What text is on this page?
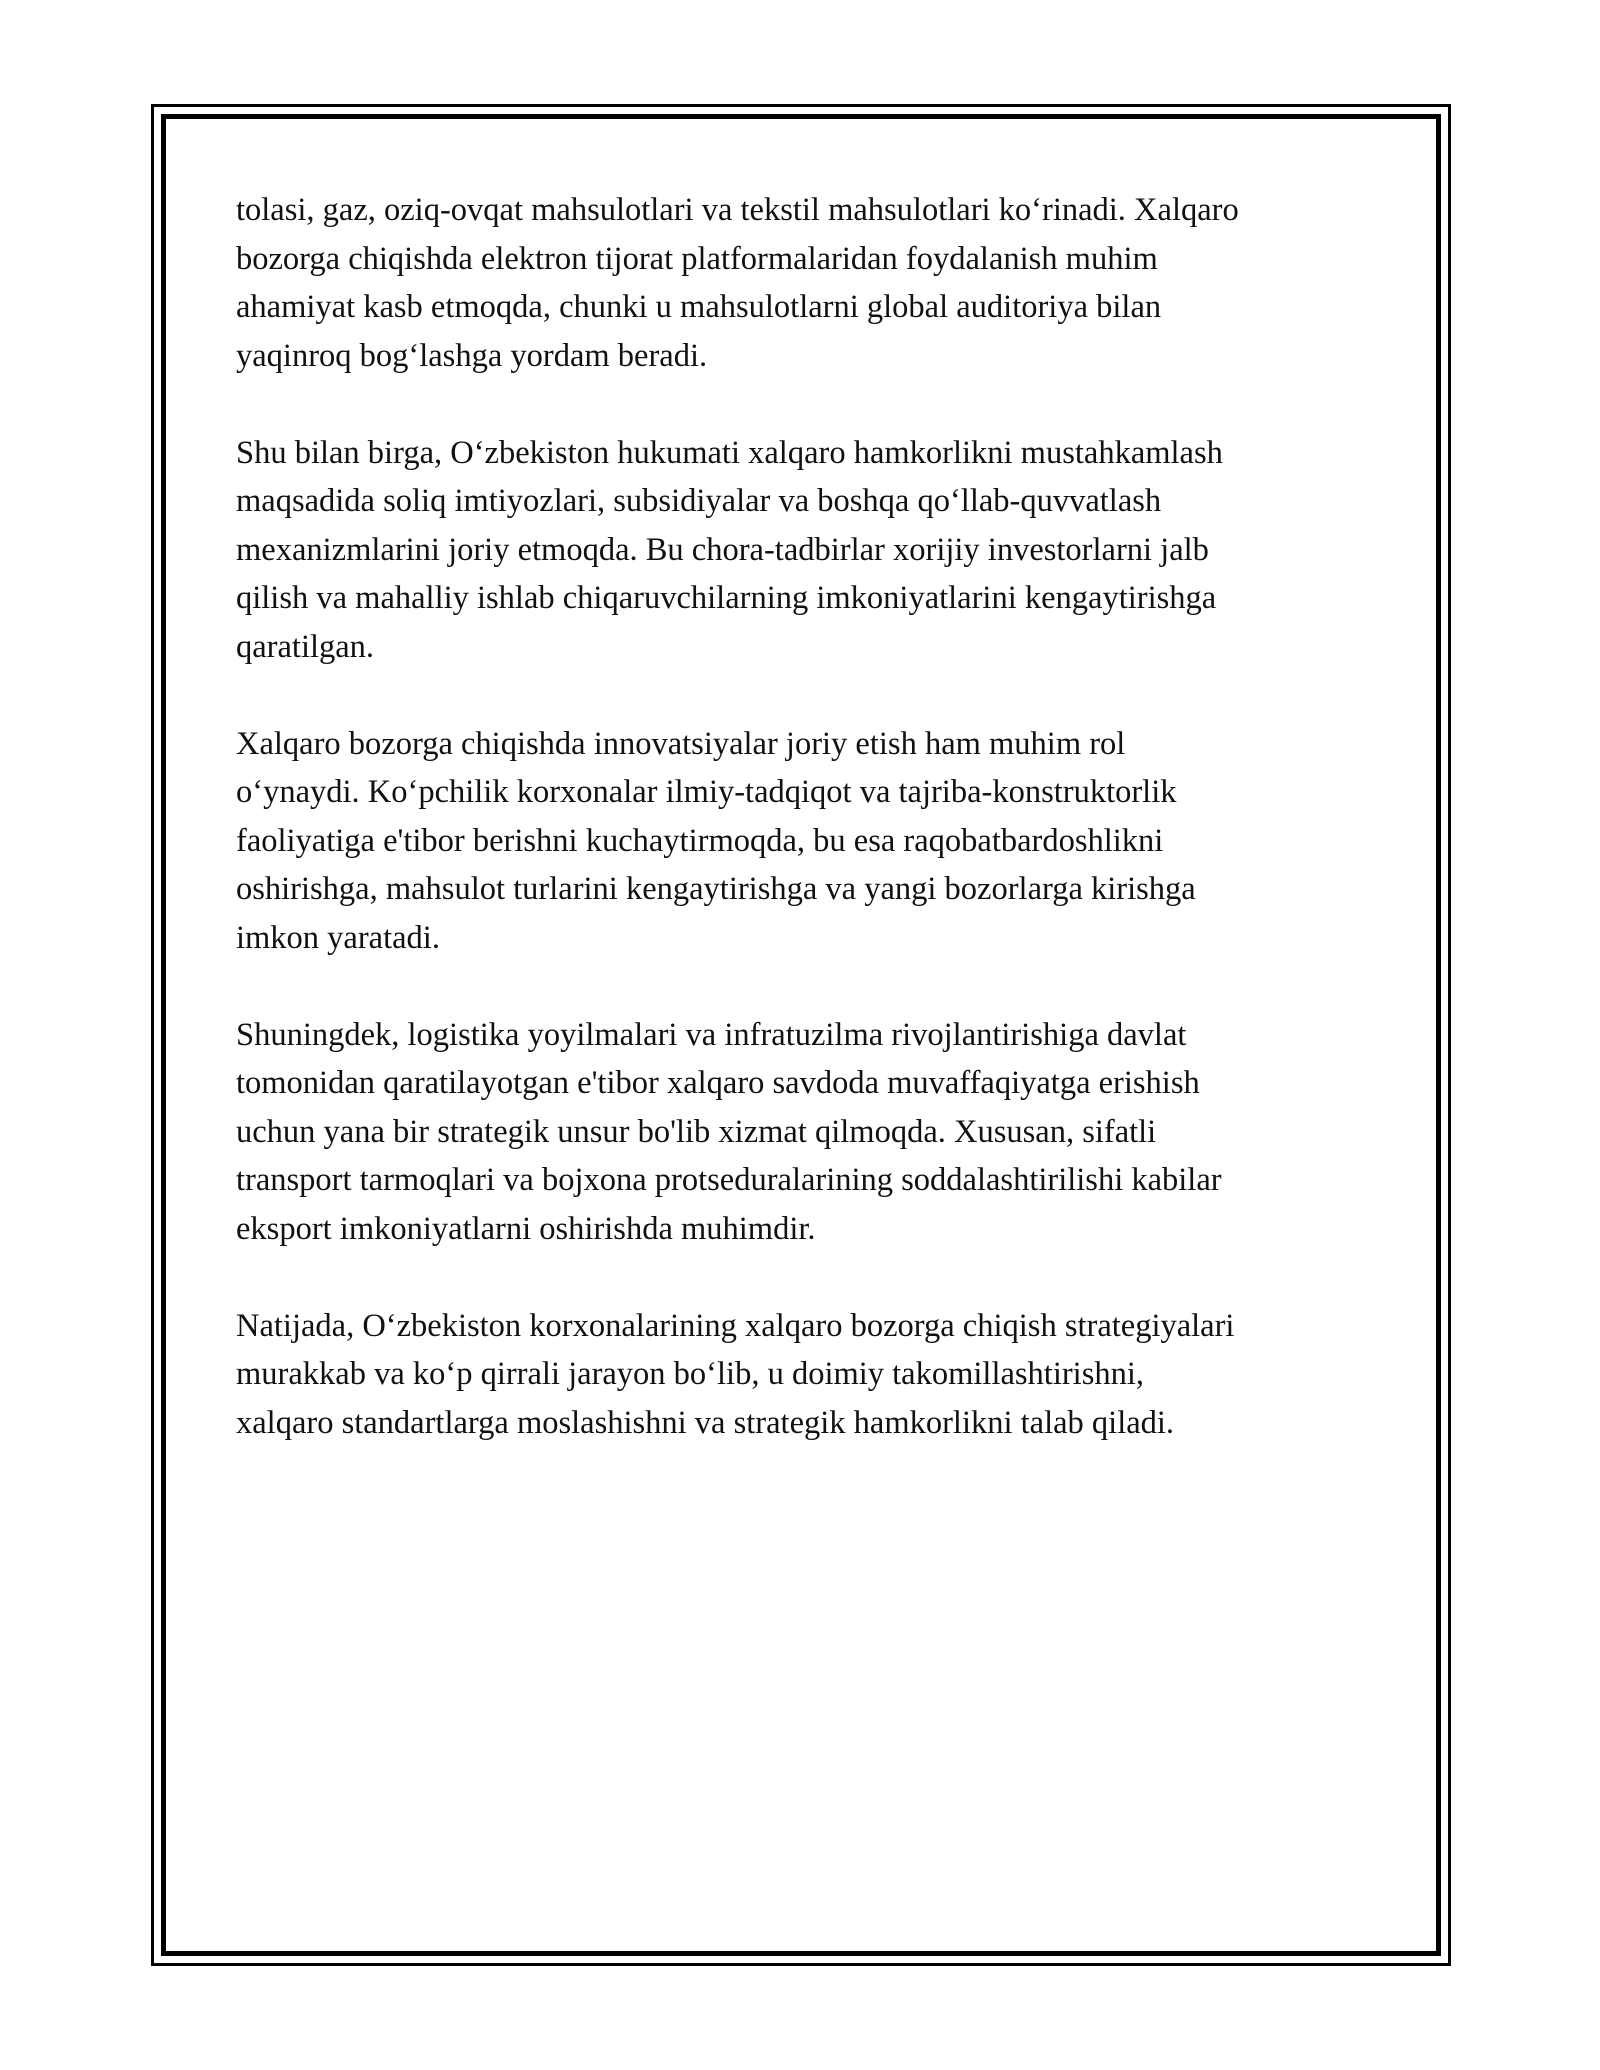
tolasi, gaz, oziq-ovqat mahsulotlari va tekstil mahsulotlari koʻrinadi. Xalqaro
bozorga chiqishda elektron tijorat platformalaridan foydalanish muhim
ahamiyat kasb etmoqda, chunki u mahsulotlarni global auditoriya bilan
yaqinroq bogʻlashga yordam beradi.

Shu bilan birga, Oʻzbekiston hukumati xalqaro hamkorlikni mustahkamlash
maqsadida soliq imtiyozlari, subsidiyalar va boshqa qoʻllab-quvvatlash
mexanizmlarini joriy etmoqda. Bu chora-tadbirlar xorijiy investorlarni jalb
qilish va mahalliy ishlab chiqaruvchilarning imkoniyatlarini kengaytirishga
qaratilgan.

Xalqaro bozorga chiqishda innovatsiyalar joriy etish ham muhim rol
oʻynaydi. Koʻpchilik korxonalar ilmiy-tadqiqot va tajriba-konstruktorlik
faoliyatiga e'tibor berishni kuchaytirmoqda, bu esa raqobatbardoshlikni
oshirishga, mahsulot turlarini kengaytirishga va yangi bozorlarga kirishga
imkon yaratadi.

Shuningdek, logistika yoyilmalari va infratuzilma rivojlantirishiga davlat
tomonidan qaratilayotgan e'tibor xalqaro savdoda muvaffaqiyatga erishish
uchun yana bir strategik unsur bo'lib xizmat qilmoqda. Xususan, sifatli
transport tarmoqlari va bojxona protseduralarining soddalashtirilishi kabilar
eksport imkoniyatlarni oshirishda muhimdir.

Natijada, Oʻzbekiston korxonalarining xalqaro bozorga chiqish strategiyalari
murakkab va koʻp qirrali jarayon boʻlib, u doimiy takomillashtirishni,
xalqaro standartlarga moslashishni va strategik hamkorlikni talab qiladi.
